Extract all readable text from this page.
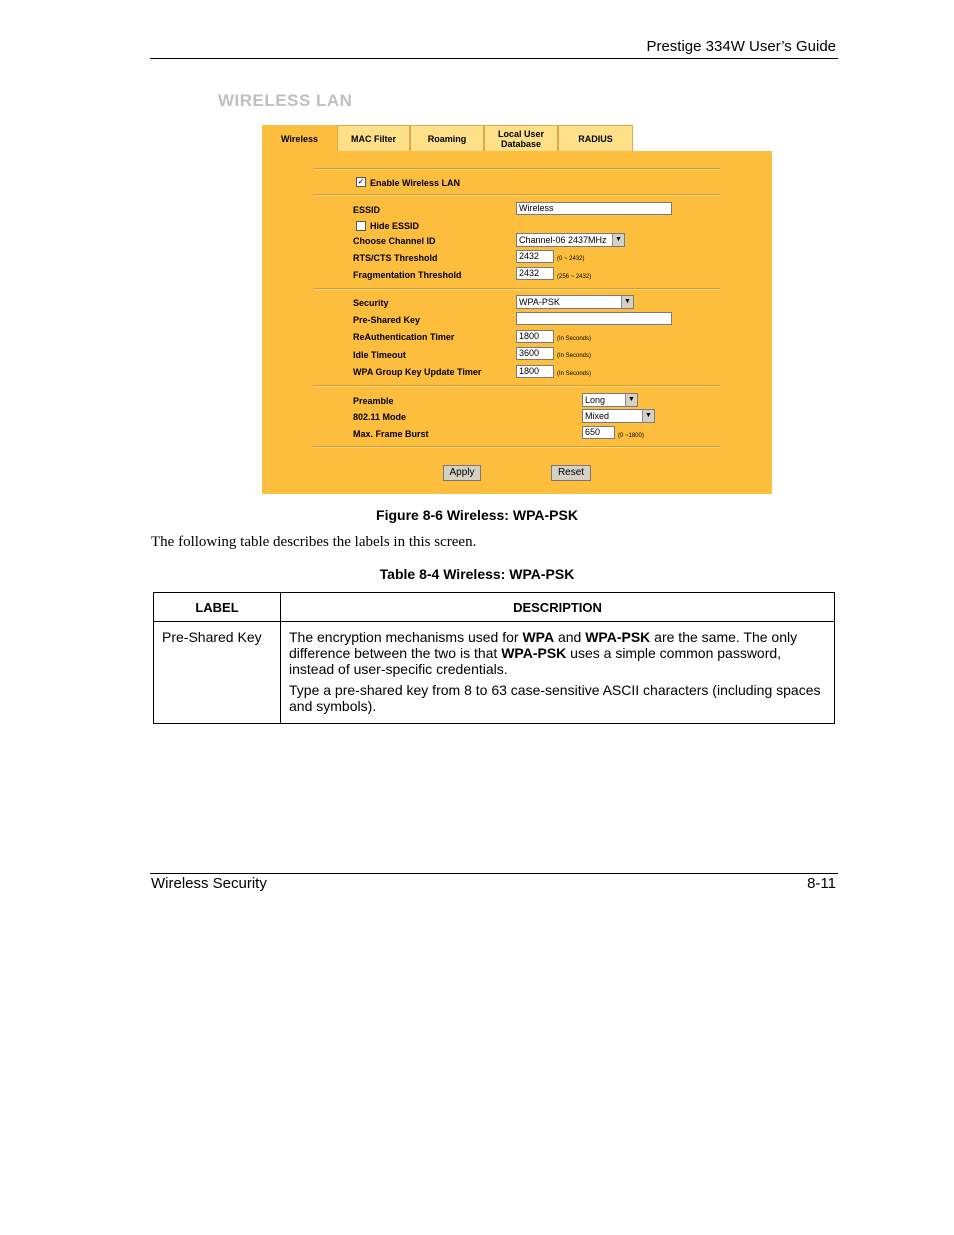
Prestige 334W User’s Guide
WIRELESS LAN
Wireless	MAC Filter	Roaming	Local User Database	RADIUS
✓ Enable Wireless LAN
ESSID	Wireless
Hide ESSID
Choose Channel ID	Channel-06 2437MHz	▼
RTS/CTS Threshold	2432	(0 ~ 2432)
Fragmentation Threshold	2432	(256 ~ 2432)
Security	WPA-PSK	▼
Pre-Shared Key
ReAuthentication Timer	1800	(In Seconds)
Idle Timeout	3600	(In Seconds)
WPA Group Key Update Timer	1800	(In Seconds)
Preamble	Long	▼
802.11 Mode	Mixed	▼
Max. Frame Burst	650	(0 ~1800)
Apply	Reset
Figure 8-6 Wireless: WPA-PSK
The following table describes the labels in this screen.
Table 8-4 Wireless: WPA-PSK
LABEL	DESCRIPTION
Pre-Shared Key	The encryption mechanisms used for WPA and WPA-PSK are the same. The only difference between the two is that WPA-PSK uses a simple common password, instead of user-specific credentials.

Type a pre-shared key from 8 to 63 case-sensitive ASCII characters (including spaces and symbols).

Wireless Security	8-11
